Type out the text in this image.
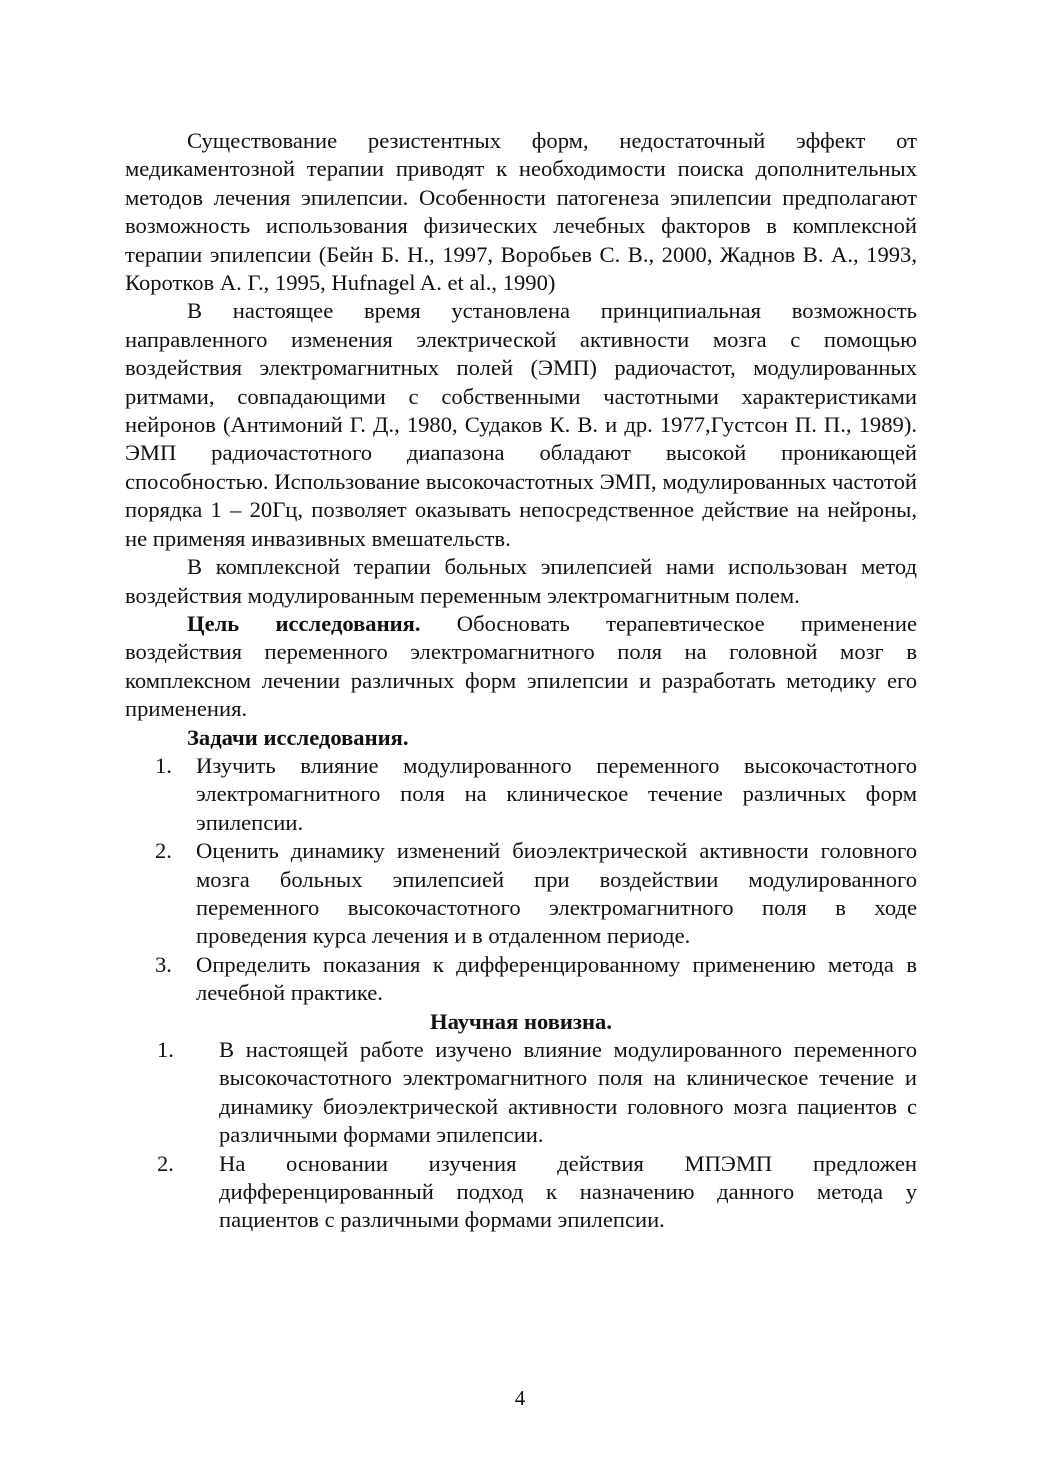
Существование резистентных форм, недостаточный эффект от медикаментозной терапии приводят к необходимости поиска дополнительных методов лечения эпилепсии. Особенности патогенеза эпилепсии предполагают возможность использования физических лечебных факторов в комплексной терапии эпилепсии (Бейн Б. Н., 1997, Воробьев С. В., 2000, Жаднов В. А., 1993, Коротков А. Г., 1995, Hufnagel A. et al., 1990)

В настоящее время установлена принципиальная возможность направленного изменения электрической активности мозга с помощью воздействия электромагнитных полей (ЭМП) радиочастот, модулированных ритмами, совпадающими с собственными частотными характеристиками нейронов (Антимоний Г. Д., 1980, Судаков К. В. и др. 1977,Густсон П. П., 1989). ЭМП радиочастотного диапазона обладают высокой проникающей способностью. Использование высокочастотных ЭМП, модулированных частотой порядка 1 – 20Гц, позволяет оказывать непосредственное действие на нейроны, не применяя инвазивных вмешательств.

В комплексной терапии больных эпилепсией нами использован метод воздействия модулированным переменным электромагнитным полем.

Цель исследования. Обосновать терапевтическое применение воздействия переменного электромагнитного поля на головной мозг в комплексном лечении различных форм эпилепсии и разработать методику его применения.

Задачи исследования.

1. Изучить влияние модулированного переменного высокочастотного электромагнитного поля на клиническое течение различных форм эпилепсии.
2. Оценить динамику изменений биоэлектрической активности головного мозга больных эпилепсией при воздействии модулированного переменного высокочастотного электромагнитного поля в ходе проведения курса лечения и в отдаленном периоде.
3. Определить показания к дифференцированному применению метода в лечебной практике.

Научная новизна.

1. В настоящей работе изучено влияние модулированного переменного высокочастотного электромагнитного поля на клиническое течение и динамику биоэлектрической активности головного мозга пациентов с различными формами эпилепсии.
2. На основании изучения действия МПЭМП предложен дифференцированный подход к назначению данного метода у пациентов с различными формами эпилепсии.
4
